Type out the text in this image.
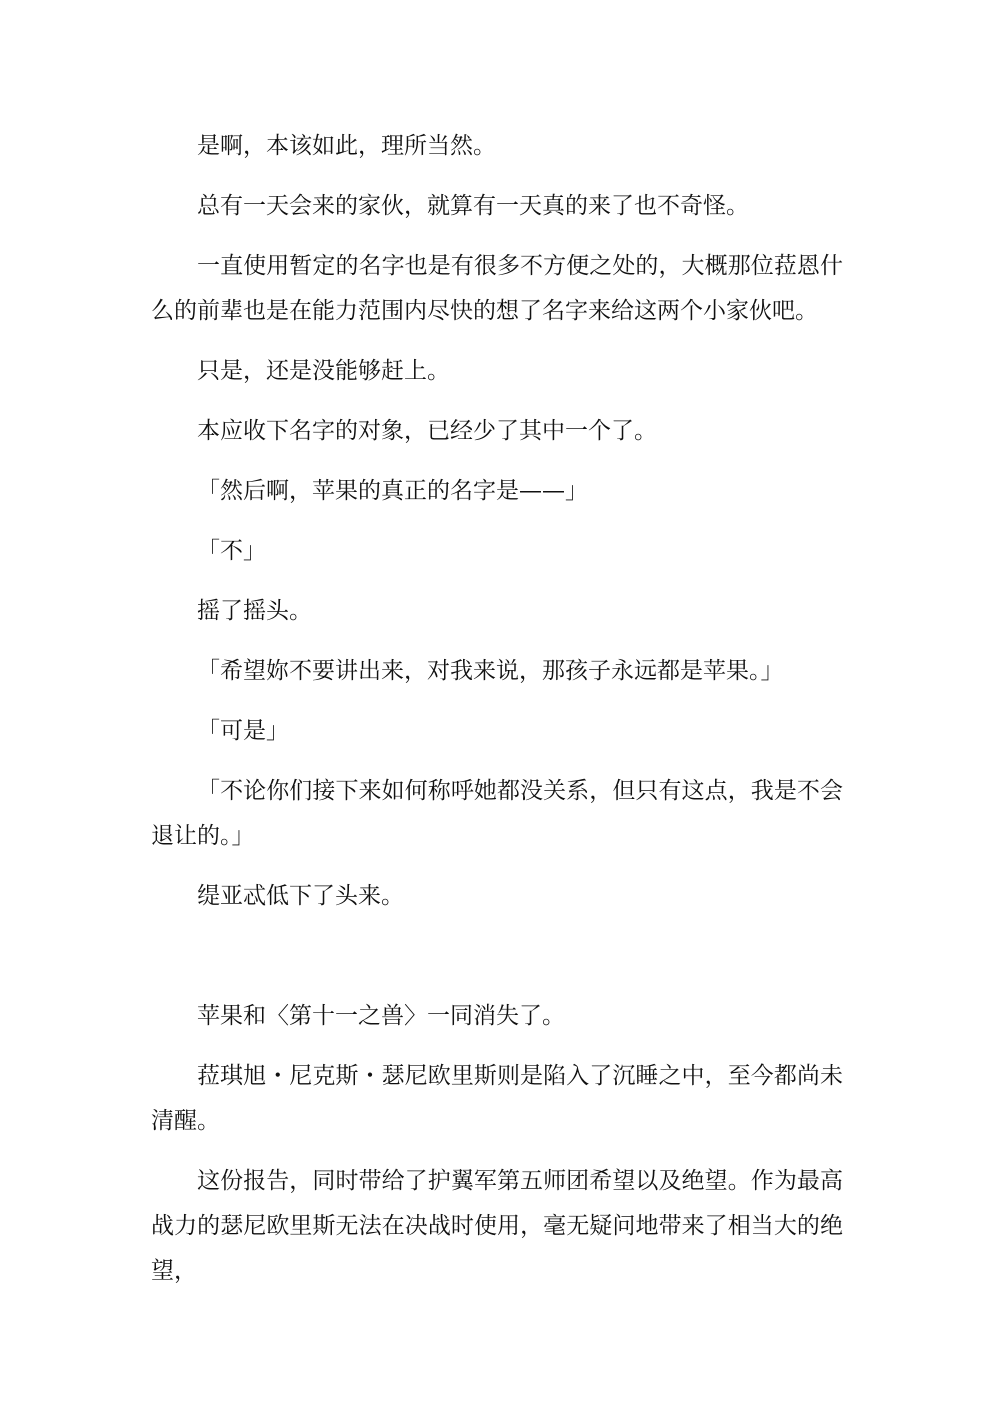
是啊，本该如此，理所当然。

总有一天会来的家伙，就算有一天真的来了也不奇怪。

一直使用暂定的名字也是有很多不方便之处的，大概那位菈恩什么的前辈也是在能力范围内尽快的想了名字来给这两个小家伙吧。

只是，还是没能够赶上。

本应收下名字的对象，已经少了其中一个了。

「然后啊，苹果的真正的名字是——」

「不」

摇了摇头。

「希望妳不要讲出来，对我来说，那孩子永远都是苹果。」

「可是」

「不论你们接下来如何称呼她都没关系，但只有这点，我是不会退让的。」

缇亚忒低下了头来。

苹果和〈第十一之兽〉一同消失了。

菈琪旭・尼克斯・瑟尼欧里斯则是陷入了沉睡之中，至今都尚未清醒。

这份报告，同时带给了护翼军第五师团希望以及绝望。作为最高战力的瑟尼欧里斯无法在决战时使用，毫无疑问地带来了相当大的绝望，
